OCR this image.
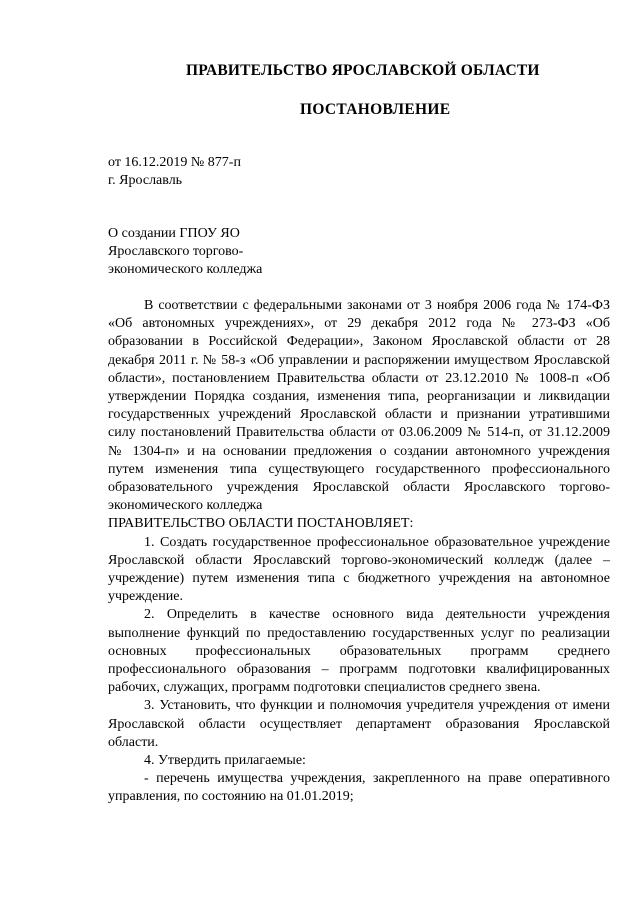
ПРАВИТЕЛЬСТВО ЯРОСЛАВСКОЙ ОБЛАСТИ

ПОСТАНОВЛЕНИЕ

от 16.12.2019 № 877-п
г. Ярославль
О создании ГПОУ ЯО
Ярославского торгово-
экономического колледжа

В соответствии с федеральными законами от 3 ноября 2006 года № 174-ФЗ «Об автономных учреждениях», от 29 декабря 2012 года № 273-ФЗ «Об образовании в Российской Федерации», Законом Ярославской области от 28 декабря 2011 г. № 58-з «Об управлении и распоряжении имуществом Ярославской области», постановлением Правительства области от 23.12.2010 № 1008-п «Об утверждении Порядка создания, изменения типа, реорганизации и ликвидации государственных учреждений Ярославской области и признании утратившими силу постановлений Правительства области от 03.06.2009 № 514-п, от 31.12.2009 № 1304-п» и на основании предложения о создании автономного учреждения путем изменения типа существующего государственного профессионального образовательного учреждения Ярославской области Ярославского торгово-экономического колледжа

ПРАВИТЕЛЬСТВО ОБЛАСТИ ПОСТАНОВЛЯЕТ:

1. Создать государственное профессиональное образовательное учреждение Ярославской области Ярославский торгово-экономический колледж (далее – учреждение) путем изменения типа с бюджетного учреждения на автономное учреждение.

2. Определить в качестве основного вида деятельности учреждения выполнение функций по предоставлению государственных услуг по реализации основных профессиональных образовательных программ среднего профессионального образования – программ подготовки квалифицированных рабочих, служащих, программ подготовки специалистов среднего звена.

3. Установить, что функции и полномочия учредителя учреждения от имени Ярославской области осуществляет департамент образования Ярославской области.

4. Утвердить прилагаемые:

- перечень имущества учреждения, закрепленного на праве оперативного управления, по состоянию на 01.01.2019;
